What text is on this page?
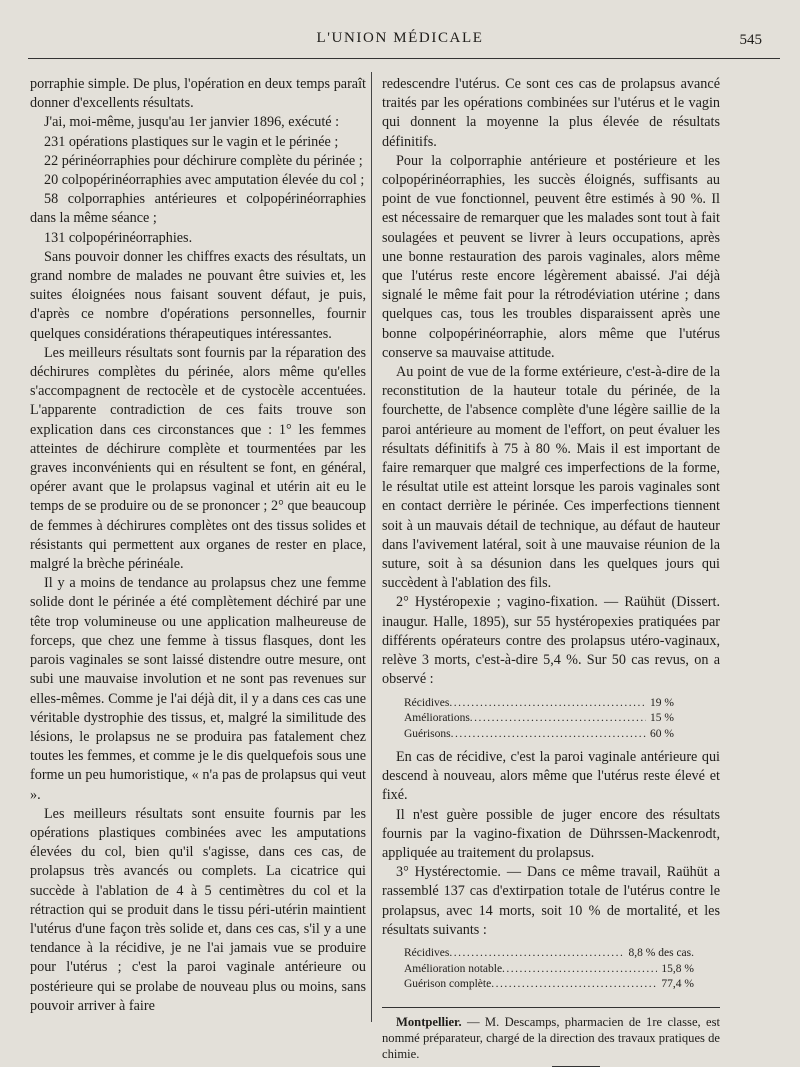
L'UNION MÉDICALE	545

porraphie simple. De plus, l'opération en deux temps paraît donner d'excellents résultats.

J'ai, moi-même, jusqu'au 1er janvier 1896, exécuté :

231 opérations plastiques sur le vagin et le périnée ;

22 périnéorraphies pour déchirure complète du périnée ;

20 colpopérinéorraphies avec amputation élevée du col ;

58 colporraphies antérieures et colpopérinéorraphies dans la même séance ;

131 colpopérinéorraphies.

Sans pouvoir donner les chiffres exacts des résultats, un grand nombre de malades ne pouvant être suivies et, les suites éloignées nous faisant souvent défaut, je puis, d'après ce nombre d'opérations personnelles, fournir quelques considérations thérapeutiques intéressantes.

Les meilleurs résultats sont fournis par la réparation des déchirures complètes du périnée, alors même qu'elles s'accompagnent de rectocèle et de cystocèle accentuées. L'apparente contradiction de ces faits trouve son explication dans ces circonstances que : 1° les femmes atteintes de déchirure complète et tourmentées par les graves inconvénients qui en résultent se font, en général, opérer avant que le prolapsus vaginal et utérin ait eu le temps de se produire ou de se prononcer ; 2° que beaucoup de femmes à déchirures complètes ont des tissus solides et résistants qui permettent aux organes de rester en place, malgré la brèche périnéale.

Il y a moins de tendance au prolapsus chez une femme solide dont le périnée a été complètement déchiré par une tête trop volumineuse ou une application malheureuse de forceps, que chez une femme à tissus flasques, dont les parois vaginales se sont laissé distendre outre mesure, ont subi une mauvaise involution et ne sont pas revenues sur elles-mêmes. Comme je l'ai déjà dit, il y a dans ces cas une véritable dystrophie des tissus, et, malgré la similitude des lésions, le prolapsus ne se produira pas fatalement chez toutes les femmes, et comme je le dis quelquefois sous une forme un peu humoristique, « n'a pas de prolapsus qui veut ».

Les meilleurs résultats sont ensuite fournis par les opérations plastiques combinées avec les amputations élevées du col, bien qu'il s'agisse, dans ces cas, de prolapsus très avancés ou complets. La cicatrice qui succède à l'ablation de 4 à 5 centimètres du col et la rétraction qui se produit dans le tissu péri-utérin maintient l'utérus d'une façon très solide et, dans ces cas, s'il y a une tendance à la récidive, je ne l'ai jamais vue se produire pour l'utérus ; c'est la paroi vaginale antérieure ou postérieure qui se prolabe de nouveau plus ou moins, sans pouvoir arriver à faire

redescendre l'utérus. Ce sont ces cas de prolapsus avancé traités par les opérations combinées sur l'utérus et le vagin qui donnent la moyenne la plus élevée de résultats définitifs.

Pour la colporraphie antérieure et postérieure et les colpopérinéorraphies, les succès éloignés, suffisants au point de vue fonctionnel, peuvent être estimés à 90 %. Il est nécessaire de remarquer que les malades sont tout à fait soulagées et peuvent se livrer à leurs occupations, après une bonne restauration des parois vaginales, alors même que l'utérus reste encore légèrement abaissé. J'ai déjà signalé le même fait pour la rétrodéviation utérine ; dans quelques cas, tous les troubles disparaissent après une bonne colpopérinéorraphie, alors même que l'utérus conserve sa mauvaise attitude.

Au point de vue de la forme extérieure, c'est-à-dire de la reconstitution de la hauteur totale du périnée, de la fourchette, de l'absence complète d'une légère saillie de la paroi antérieure au moment de l'effort, on peut évaluer les résultats définitifs à 75 à 80 %. Mais il est important de faire remarquer que malgré ces imperfections de la forme, le résultat utile est atteint lorsque les parois vaginales sont en contact derrière le périnée. Ces imperfections tiennent soit à un mauvais détail de technique, au défaut de hauteur dans l'avivement latéral, soit à une mauvaise réunion de la suture, soit à sa désunion dans les quelques jours qui succèdent à l'ablation des fils.

2° Hystéropexie ; vagino-fixation. — Raühüt (Dissert. inaugur. Halle, 1895), sur 55 hystéropexies pratiquées par différents opérateurs contre des prolapsus utéro-vaginaux, relève 3 morts, c'est-à-dire 5,4 %. Sur 50 cas revus, on a observé :

Récidives .....	19 %
Améliorations .....	15 %
Guérisons .....	60 %

En cas de récidive, c'est la paroi vaginale antérieure qui descend à nouveau, alors même que l'utérus reste élevé et fixé.

Il n'est guère possible de juger encore des résultats fournis par la vagino-fixation de Dührssen-Mackenrodt, appliquée au traitement du prolapsus.

3° Hystérectomie. — Dans ce même travail, Raühüt a rassemblé 137 cas d'extirpation totale de l'utérus contre le prolapsus, avec 14 morts, soit 10 % de mortalité, et les résultats suivants :

Récidives .....	8,8 % des cas.
Amélioration notable .....	15,8 %
Guérison complète .....	77,4 %

Montpellier. — M. Descamps, pharmacien de 1re classe, est nommé préparateur, chargé de la direction des travaux pratiques de chimie.
